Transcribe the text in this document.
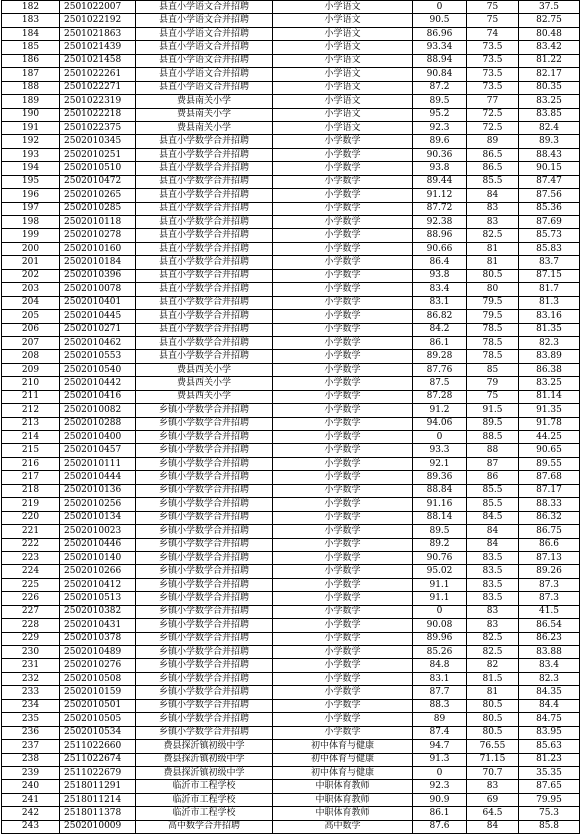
182	2501022007	县直小学语文合并招聘	小学语文	0	75	37.5
183	2501022192	县直小学语文合并招聘	小学语文	90.5	75	82.75
184	2501021863	县直小学语文合并招聘	小学语文	86.96	74	80.48
185	2501021439	县直小学语文合并招聘	小学语文	93.34	73.5	83.42
186	2501021458	县直小学语文合并招聘	小学语文	88.94	73.5	81.22
187	2501022261	县直小学语文合并招聘	小学语文	90.84	73.5	82.17
188	2501022271	县直小学语文合并招聘	小学语文	87.2	73.5	80.35
189	2501022319	费县南关小学	小学语文	89.5	77	83.25
190	2501022218	费县南关小学	小学语文	95.2	72.5	83.85
191	2501022375	费县南关小学	小学语文	92.3	72.5	82.4
192	2502010345	县直小学数学合并招聘	小学数学	89.6	89	89.3
193	2502010251	县直小学数学合并招聘	小学数学	90.36	86.5	88.43
194	2502010510	县直小学数学合并招聘	小学数学	93.8	86.5	90.15
195	2502010472	县直小学数学合并招聘	小学数学	89.44	85.5	87.47
196	2502010265	县直小学数学合并招聘	小学数学	91.12	84	87.56
197	2502010285	县直小学数学合并招聘	小学数学	87.72	83	85.36
198	2502010118	县直小学数学合并招聘	小学数学	92.38	83	87.69
199	2502010278	县直小学数学合并招聘	小学数学	88.96	82.5	85.73
200	2502010160	县直小学数学合并招聘	小学数学	90.66	81	85.83
201	2502010184	县直小学数学合并招聘	小学数学	86.4	81	83.7
202	2502010396	县直小学数学合并招聘	小学数学	93.8	80.5	87.15
203	2502010078	县直小学数学合并招聘	小学数学	83.4	80	81.7
204	2502010401	县直小学数学合并招聘	小学数学	83.1	79.5	81.3
205	2502010445	县直小学数学合并招聘	小学数学	86.82	79.5	83.16
206	2502010271	县直小学数学合并招聘	小学数学	84.2	78.5	81.35
207	2502010462	县直小学数学合并招聘	小学数学	86.1	78.5	82.3
208	2502010553	县直小学数学合并招聘	小学数学	89.28	78.5	83.89
209	2502010540	费县西关小学	小学数学	87.76	85	86.38
210	2502010442	费县西关小学	小学数学	87.5	79	83.25
211	2502010416	费县西关小学	小学数学	87.28	75	81.14
212	2502010082	乡镇小学数学合并招聘	小学数学	91.2	91.5	91.35
213	2502010288	乡镇小学数学合并招聘	小学数学	94.06	89.5	91.78
214	2502010400	乡镇小学数学合并招聘	小学数学	0	88.5	44.25
215	2502010457	乡镇小学数学合并招聘	小学数学	93.3	88	90.65
216	2502010111	乡镇小学数学合并招聘	小学数学	92.1	87	89.55
217	2502010444	乡镇小学数学合并招聘	小学数学	89.36	86	87.68
218	2502010136	乡镇小学数学合并招聘	小学数学	88.84	85.5	87.17
219	2502010256	乡镇小学数学合并招聘	小学数学	91.16	85.5	88.33
220	2502010134	乡镇小学数学合并招聘	小学数学	88.14	84.5	86.32
221	2502010023	乡镇小学数学合并招聘	小学数学	89.5	84	86.75
222	2502010446	乡镇小学数学合并招聘	小学数学	89.2	84	86.6
223	2502010140	乡镇小学数学合并招聘	小学数学	90.76	83.5	87.13
224	2502010266	乡镇小学数学合并招聘	小学数学	95.02	83.5	89.26
225	2502010412	乡镇小学数学合并招聘	小学数学	91.1	83.5	87.3
226	2502010513	乡镇小学数学合并招聘	小学数学	91.1	83.5	87.3
227	2502010382	乡镇小学数学合并招聘	小学数学	0	83	41.5
228	2502010431	乡镇小学数学合并招聘	小学数学	90.08	83	86.54
229	2502010378	乡镇小学数学合并招聘	小学数学	89.96	82.5	86.23
230	2502010489	乡镇小学数学合并招聘	小学数学	85.26	82.5	83.88
231	2502010276	乡镇小学数学合并招聘	小学数学	84.8	82	83.4
232	2502010508	乡镇小学数学合并招聘	小学数学	83.1	81.5	82.3
233	2502010159	乡镇小学数学合并招聘	小学数学	87.7	81	84.35
234	2502010501	乡镇小学数学合并招聘	小学数学	88.3	80.5	84.4
235	2502010505	乡镇小学数学合并招聘	小学数学	89	80.5	84.75
236	2502010534	乡镇小学数学合并招聘	小学数学	87.4	80.5	83.95
237	2511022660	费县探沂镇初级中学	初中体育与健康	94.7	76.55	85.63
238	2511022674	费县探沂镇初级中学	初中体育与健康	91.3	71.15	81.23
239	2511022679	费县探沂镇初级中学	初中体育与健康	0	70.7	35.35
240	2518011291	临沂市工程学校	中职体育教师	92.3	83	87.65
241	2518011214	临沂市工程学校	中职体育教师	90.9	69	79.95
242	2518011378	临沂市工程学校	中职体育教师	86.1	64.5	75.3
243	2502010009	高中数学合并招聘	高中数学	87.6	84	85.8
